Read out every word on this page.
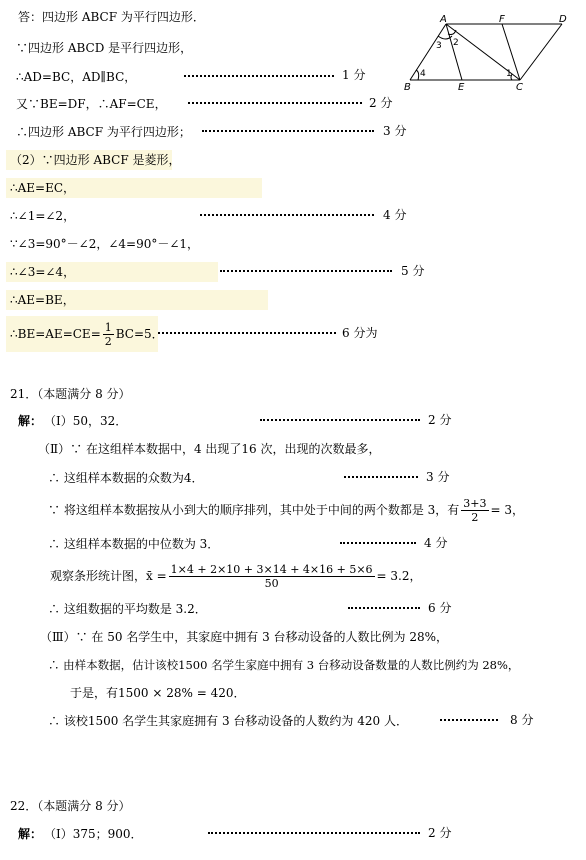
答：四边形 ABCF 为平行四边形．
∵四边形 ABCD 是平行四边形，
∴AD=BC，AD∥BC，	1 分
又∵BE=DF，∴AF=CE，	2 分
∴四边形 ABCF 为平行四边形；	3 分
（2）∵四边形 ABCF 是菱形，
∴AE=EC，
∴∠1=∠2，	4 分
∵∠3=90°－∠2，∠4=90°－∠1，
∴∠3=∠4，	5 分
∴AE=BE，
∴BE=AE=CE= $\frac{1}{2} BC=5$．	6 分为
A	F	D
B	E	C
3 2
4	1
21．（本题满分 8 分）
解： （Ⅰ）50，32．	2 分
（Ⅱ）∵ 在这组样本数据中，4 出现了16 次，出现的次数最多，
∴ 这组样本数据的众数为4．	3 分
∵ 将这组样本数据按从小到大的顺序排列，其中处于中间的两个数都是 3，有 $\frac{3+3}{2} = 3$，
∴ 这组样本数据的中位数为 3．	4 分
观察条形统计图，x̄ = $\frac{1\times 4 + 2\times 10 + 3\times 14 + 4\times 16 + 5\times 6}{50} = 3.2$，
∴ 这组数据的平均数是 3.2．	6 分
（Ⅲ）∵ 在 50 名学生中，其家庭中拥有 3 台移动设备的人数比例为 28%，
∴ 由样本数据，估计该校1500 名学生家庭中拥有 3 台移动设备数量的人数比例约为 28%，
于是，有1500 × 28% = 420．
∴ 该校1500 名学生其家庭拥有 3 台移动设备的人数约为 420 人．	8 分
22．（本题满分 8 分）
解： （Ⅰ）375；900．	2 分
